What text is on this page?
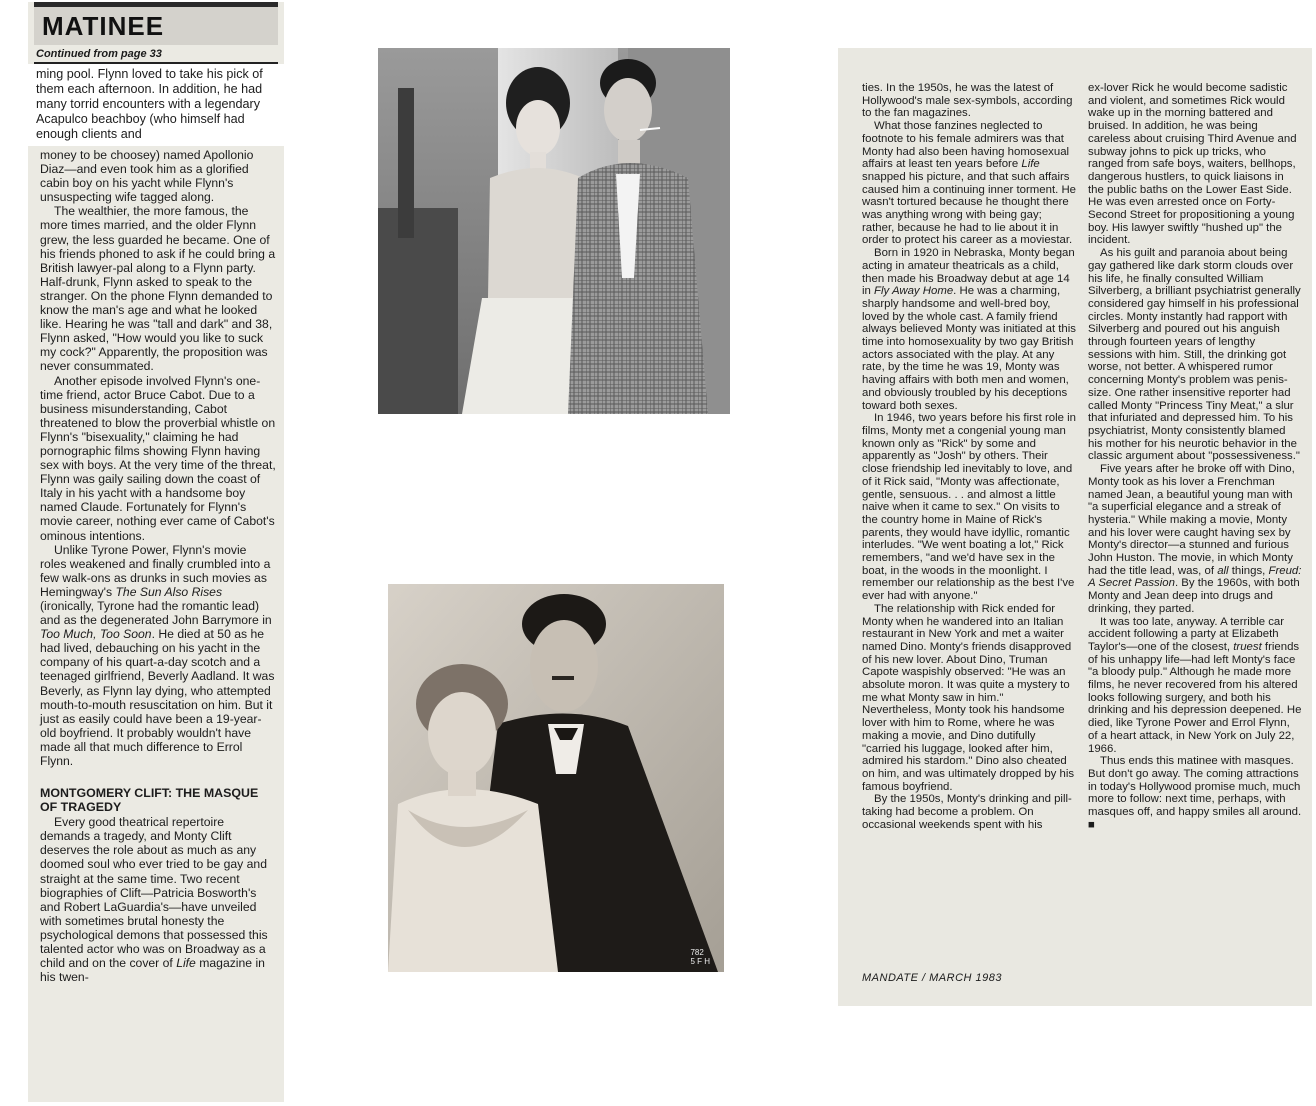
MATINEE
Continued from page 33
ming pool. Flynn loved to take his pick of them each afternoon. In addition, he had many torrid encounters with a legendary Acapulco beachboy (who himself had enough clients and

money to be choosey) named Apollonio Diaz—and even took him as a glorified cabin boy on his yacht while Flynn's unsuspecting wife tagged along.

The wealthier, the more famous, the more times married, and the older Flynn grew, the less guarded he became. One of his friends phoned to ask if he could bring a British lawyer-pal along to a Flynn party. Half-drunk, Flynn asked to speak to the stranger. On the phone Flynn demanded to know the man's age and what he looked like. Hearing he was "tall and dark" and 38, Flynn asked, "How would you like to suck my cock?" Apparently, the proposition was never consummated.

Another episode involved Flynn's one-time friend, actor Bruce Cabot. Due to a business misunderstanding, Cabot threatened to blow the proverbial whistle on Flynn's "bisexuality," claiming he had pornographic films showing Flynn having sex with boys. At the very time of the threat, Flynn was gaily sailing down the coast of Italy in his yacht with a handsome boy named Claude. Fortunately for Flynn's movie career, nothing ever came of Cabot's ominous intentions.

Unlike Tyrone Power, Flynn's movie roles weakened and finally crumbled into a few walk-ons as drunks in such movies as Hemingway's The Sun Also Rises (ironically, Tyrone had the romantic lead) and as the degenerated John Barrymore in Too Much, Too Soon. He died at 50 as he had lived, debauching on his yacht in the company of his quart-a-day scotch and a teenaged girlfriend, Beverly Aadland. It was Beverly, as Flynn lay dying, who attempted mouth-to-mouth resuscitation on him. But it just as easily could have been a 19-year-old boyfriend. It probably wouldn't have made all that much difference to Errol Flynn.

MONTGOMERY CLIFT: THE MASQUE OF TRAGEDY

Every good theatrical repertoire demands a tragedy, and Monty Clift deserves the role about as much as any doomed soul who ever tried to be gay and straight at the same time. Two recent biographies of Clift—Patricia Bosworth's and Robert LaGuardia's—have unveiled with sometimes brutal honesty the psychological demons that possessed this talented actor who was on Broadway as a child and on the cover of Life magazine in his twen-

782
5 F H

ties. In the 1950s, he was the latest of Hollywood's male sex-symbols, according to the fan magazines.

What those fanzines neglected to footnote to his female admirers was that Monty had also been having homosexual affairs at least ten years before Life snapped his picture, and that such affairs caused him a continuing inner torment. He wasn't tortured because he thought there was anything wrong with being gay; rather, because he had to lie about it in order to protect his career as a moviestar.

Born in 1920 in Nebraska, Monty began acting in amateur theatricals as a child, then made his Broadway debut at age 14 in Fly Away Home. He was a charming, sharply handsome and well-bred boy, loved by the whole cast. A family friend always believed Monty was initiated at this time into homosexuality by two gay British actors associated with the play. At any rate, by the time he was 19, Monty was having affairs with both men and women, and obviously troubled by his deceptions toward both sexes.

In 1946, two years before his first role in films, Monty met a congenial young man known only as "Rick" by some and apparently as "Josh" by others. Their close friendship led inevitably to love, and of it Rick said, "Monty was affectionate, gentle, sensuous. . . and almost a little naive when it came to sex." On visits to the country home in Maine of Rick's parents, they would have idyllic, romantic interludes. "We went boating a lot," Rick remembers, "and we'd have sex in the boat, in the woods in the moonlight. I remember our relationship as the best I've ever had with anyone."

The relationship with Rick ended for Monty when he wandered into an Italian restaurant in New York and met a waiter named Dino. Monty's friends disapproved of his new lover. About Dino, Truman Capote waspishly observed: "He was an absolute moron. It was quite a mystery to me what Monty saw in him." Nevertheless, Monty took his handsome lover with him to Rome, where he was making a movie, and Dino dutifully "carried his luggage, looked after him, admired his stardom." Dino also cheated on him, and was ultimately dropped by his famous boyfriend.

By the 1950s, Monty's drinking and pill-taking had become a problem. On occasional weekends spent with his

ex-lover Rick he would become sadistic and violent, and sometimes Rick would wake up in the morning battered and bruised. In addition, he was being careless about cruising Third Avenue and subway johns to pick up tricks, who ranged from safe boys, waiters, bellhops, dangerous hustlers, to quick liaisons in the public baths on the Lower East Side. He was even arrested once on Forty-Second Street for propositioning a young boy. His lawyer swiftly "hushed up" the incident.

As his guilt and paranoia about being gay gathered like dark storm clouds over his life, he finally consulted William Silverberg, a brilliant psychiatrist generally considered gay himself in his professional circles. Monty instantly had rapport with Silverberg and poured out his anguish through fourteen years of lengthy sessions with him. Still, the drinking got worse, not better. A whispered rumor concerning Monty's problem was penis-size. One rather insensitive reporter had called Monty "Princess Tiny Meat," a slur that infuriated and depressed him. To his psychiatrist, Monty consistently blamed his mother for his neurotic behavior in the classic argument about "possessiveness."

Five years after he broke off with Dino, Monty took as his lover a Frenchman named Jean, a beautiful young man with "a superficial elegance and a streak of hysteria." While making a movie, Monty and his lover were caught having sex by Monty's director—a stunned and furious John Huston. The movie, in which Monty had the title lead, was, of all things, Freud: A Secret Passion. By the 1960s, with both Monty and Jean deep into drugs and drinking, they parted.

It was too late, anyway. A terrible car accident following a party at Elizabeth Taylor's—one of the closest, truest friends of his unhappy life—had left Monty's face "a bloody pulp." Although he made more films, he never recovered from his altered looks following surgery, and both his drinking and his depression deepened. He died, like Tyrone Power and Errol Flynn, of a heart attack, in New York on July 22, 1966.

Thus ends this matinee with masques. But don't go away. The coming attractions in today's Hollywood promise much, much more to follow: next time, perhaps, with masques off, and happy smiles all around. ■

MANDATE / MARCH 1983
